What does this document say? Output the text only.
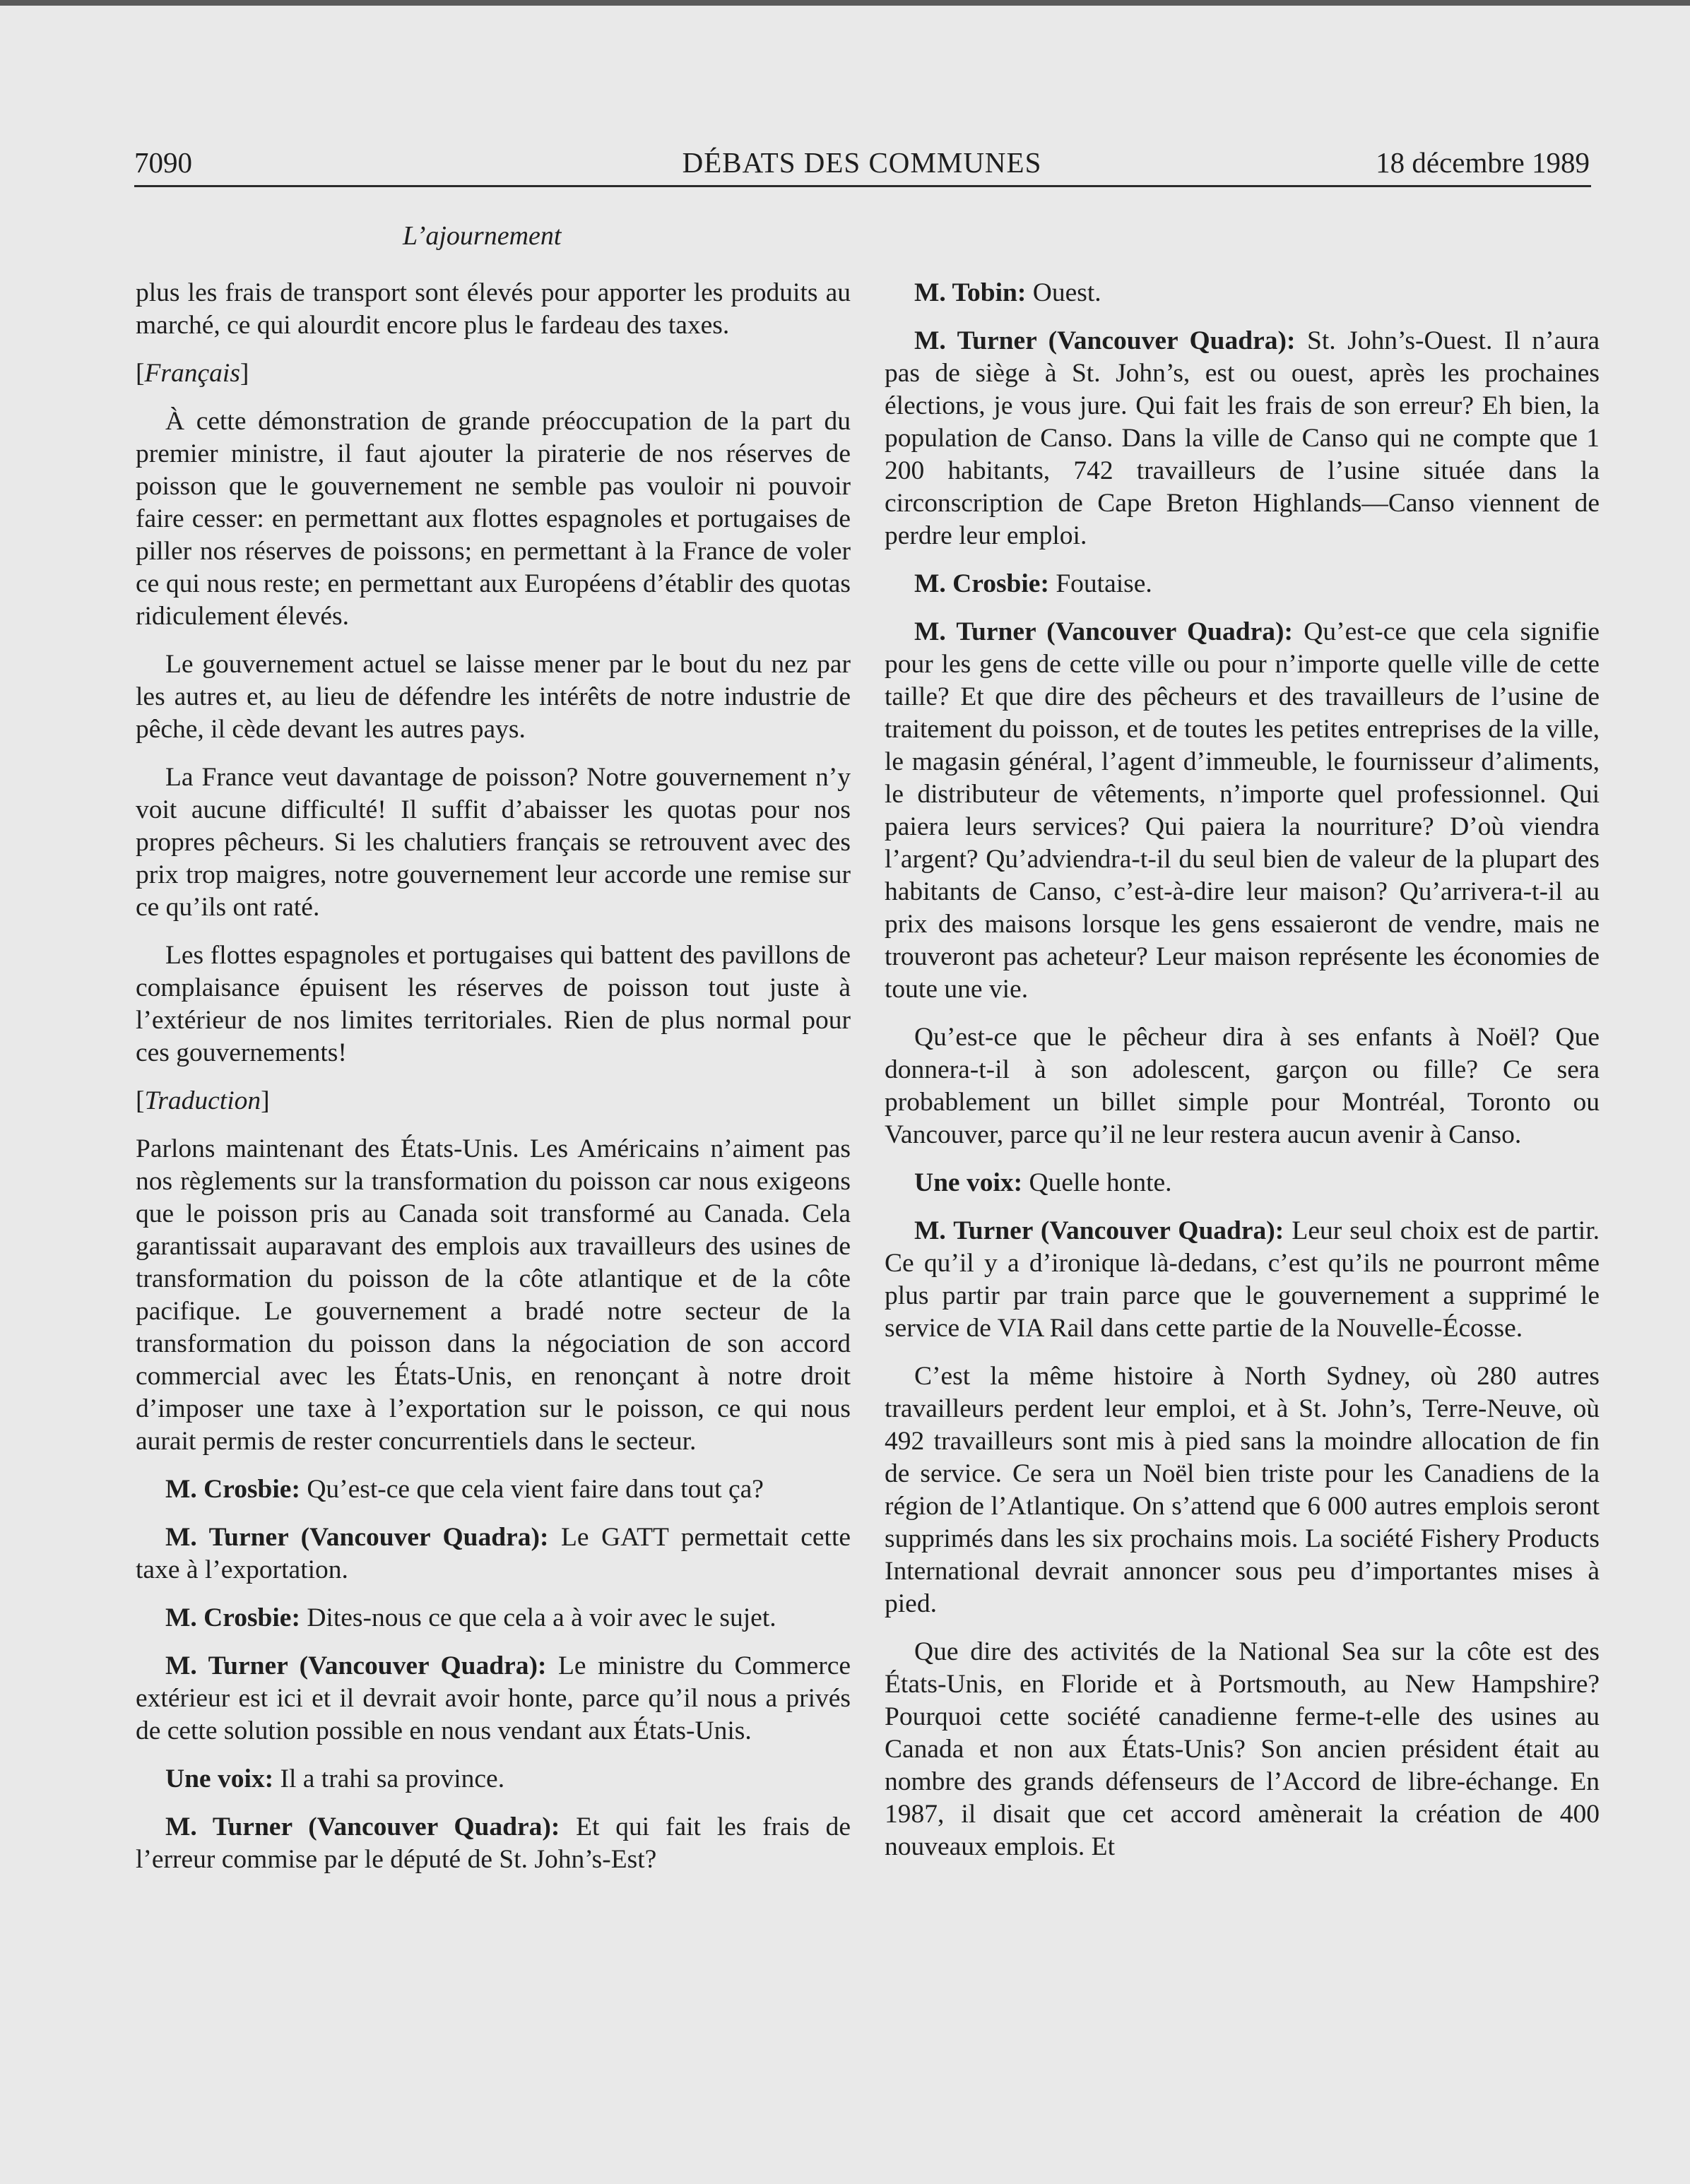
7090	DÉBATS DES COMMUNES	18 décembre 1989
L’ajournement

plus les frais de transport sont élevés pour apporter les produits au marché, ce qui alourdit encore plus le fardeau des taxes.

[Français]

À cette démonstration de grande préoccupation de la part du premier ministre, il faut ajouter la piraterie de nos réserves de poisson que le gouvernement ne semble pas vouloir ni pouvoir faire cesser: en permettant aux flottes espagnoles et portugaises de piller nos réserves de poissons; en permettant à la France de voler ce qui nous reste; en permettant aux Européens d’établir des quotas ridiculement élevés.

Le gouvernement actuel se laisse mener par le bout du nez par les autres et, au lieu de défendre les intérêts de notre industrie de pêche, il cède devant les autres pays.

La France veut davantage de poisson? Notre gouvernement n’y voit aucune difficulté! Il suffit d’abaisser les quotas pour nos propres pêcheurs. Si les chalutiers français se retrouvent avec des prix trop maigres, notre gouvernement leur accorde une remise sur ce qu’ils ont raté.

Les flottes espagnoles et portugaises qui battent des pavillons de complaisance épuisent les réserves de poisson tout juste à l’extérieur de nos limites territoriales. Rien de plus normal pour ces gouvernements!

[Traduction]

Parlons maintenant des États-Unis. Les Américains n’aiment pas nos règlements sur la transformation du poisson car nous exigeons que le poisson pris au Canada soit transformé au Canada. Cela garantissait auparavant des emplois aux travailleurs des usines de transformation du poisson de la côte atlantique et de la côte pacifique. Le gouvernement a bradé notre secteur de la transformation du poisson dans la négociation de son accord commercial avec les États-Unis, en renonçant à notre droit d’imposer une taxe à l’exportation sur le poisson, ce qui nous aurait permis de rester concurrentiels dans le secteur.

M. Crosbie: Qu’est-ce que cela vient faire dans tout ça?

M. Turner (Vancouver Quadra): Le GATT permettait cette taxe à l’exportation.

M. Crosbie: Dites-nous ce que cela a à voir avec le sujet.

M. Turner (Vancouver Quadra): Le ministre du Commerce extérieur est ici et il devrait avoir honte, parce qu’il nous a privés de cette solution possible en nous vendant aux États-Unis.

Une voix: Il a trahi sa province.

M. Turner (Vancouver Quadra): Et qui fait les frais de l’erreur commise par le député de St. John’s-Est?

M. Tobin: Ouest.

M. Turner (Vancouver Quadra): St. John’s-Ouest. Il n’aura pas de siège à St. John’s, est ou ouest, après les prochaines élections, je vous jure. Qui fait les frais de son erreur? Eh bien, la population de Canso. Dans la ville de Canso qui ne compte que 1 200 habitants, 742 travailleurs de l’usine située dans la circonscription de Cape Breton Highlands—Canso viennent de perdre leur emploi.

M. Crosbie: Foutaise.

M. Turner (Vancouver Quadra): Qu’est-ce que cela signifie pour les gens de cette ville ou pour n’importe quelle ville de cette taille? Et que dire des pêcheurs et des travailleurs de l’usine de traitement du poisson, et de toutes les petites entreprises de la ville, le magasin général, l’agent d’immeuble, le fournisseur d’aliments, le distributeur de vêtements, n’importe quel professionnel. Qui paiera leurs services? Qui paiera la nourriture? D’où viendra l’argent? Qu’adviendra-t-il du seul bien de valeur de la plupart des habitants de Canso, c’est-à-dire leur maison? Qu’arrivera-t-il au prix des maisons lorsque les gens essaieront de vendre, mais ne trouveront pas acheteur? Leur maison représente les économies de toute une vie.

Qu’est-ce que le pêcheur dira à ses enfants à Noël? Que donnera-t-il à son adolescent, garçon ou fille? Ce sera probablement un billet simple pour Montréal, Toronto ou Vancouver, parce qu’il ne leur restera aucun avenir à Canso.

Une voix: Quelle honte.

M. Turner (Vancouver Quadra): Leur seul choix est de partir. Ce qu’il y a d’ironique là-dedans, c’est qu’ils ne pourront même plus partir par train parce que le gouvernement a supprimé le service de VIA Rail dans cette partie de la Nouvelle-Écosse.

C’est la même histoire à North Sydney, où 280 autres travailleurs perdent leur emploi, et à St. John’s, Terre-Neuve, où 492 travailleurs sont mis à pied sans la moindre allocation de fin de service. Ce sera un Noël bien triste pour les Canadiens de la région de l’Atlantique. On s’attend que 6 000 autres emplois seront supprimés dans les six prochains mois. La société Fishery Products International devrait annoncer sous peu d’importantes mises à pied.

Que dire des activités de la National Sea sur la côte est des États-Unis, en Floride et à Portsmouth, au New Hampshire? Pourquoi cette société canadienne ferme-t-elle des usines au Canada et non aux États-Unis? Son ancien président était au nombre des grands défenseurs de l’Accord de libre-échange. En 1987, il disait que cet accord amènerait la création de 400 nouveaux emplois. Et
